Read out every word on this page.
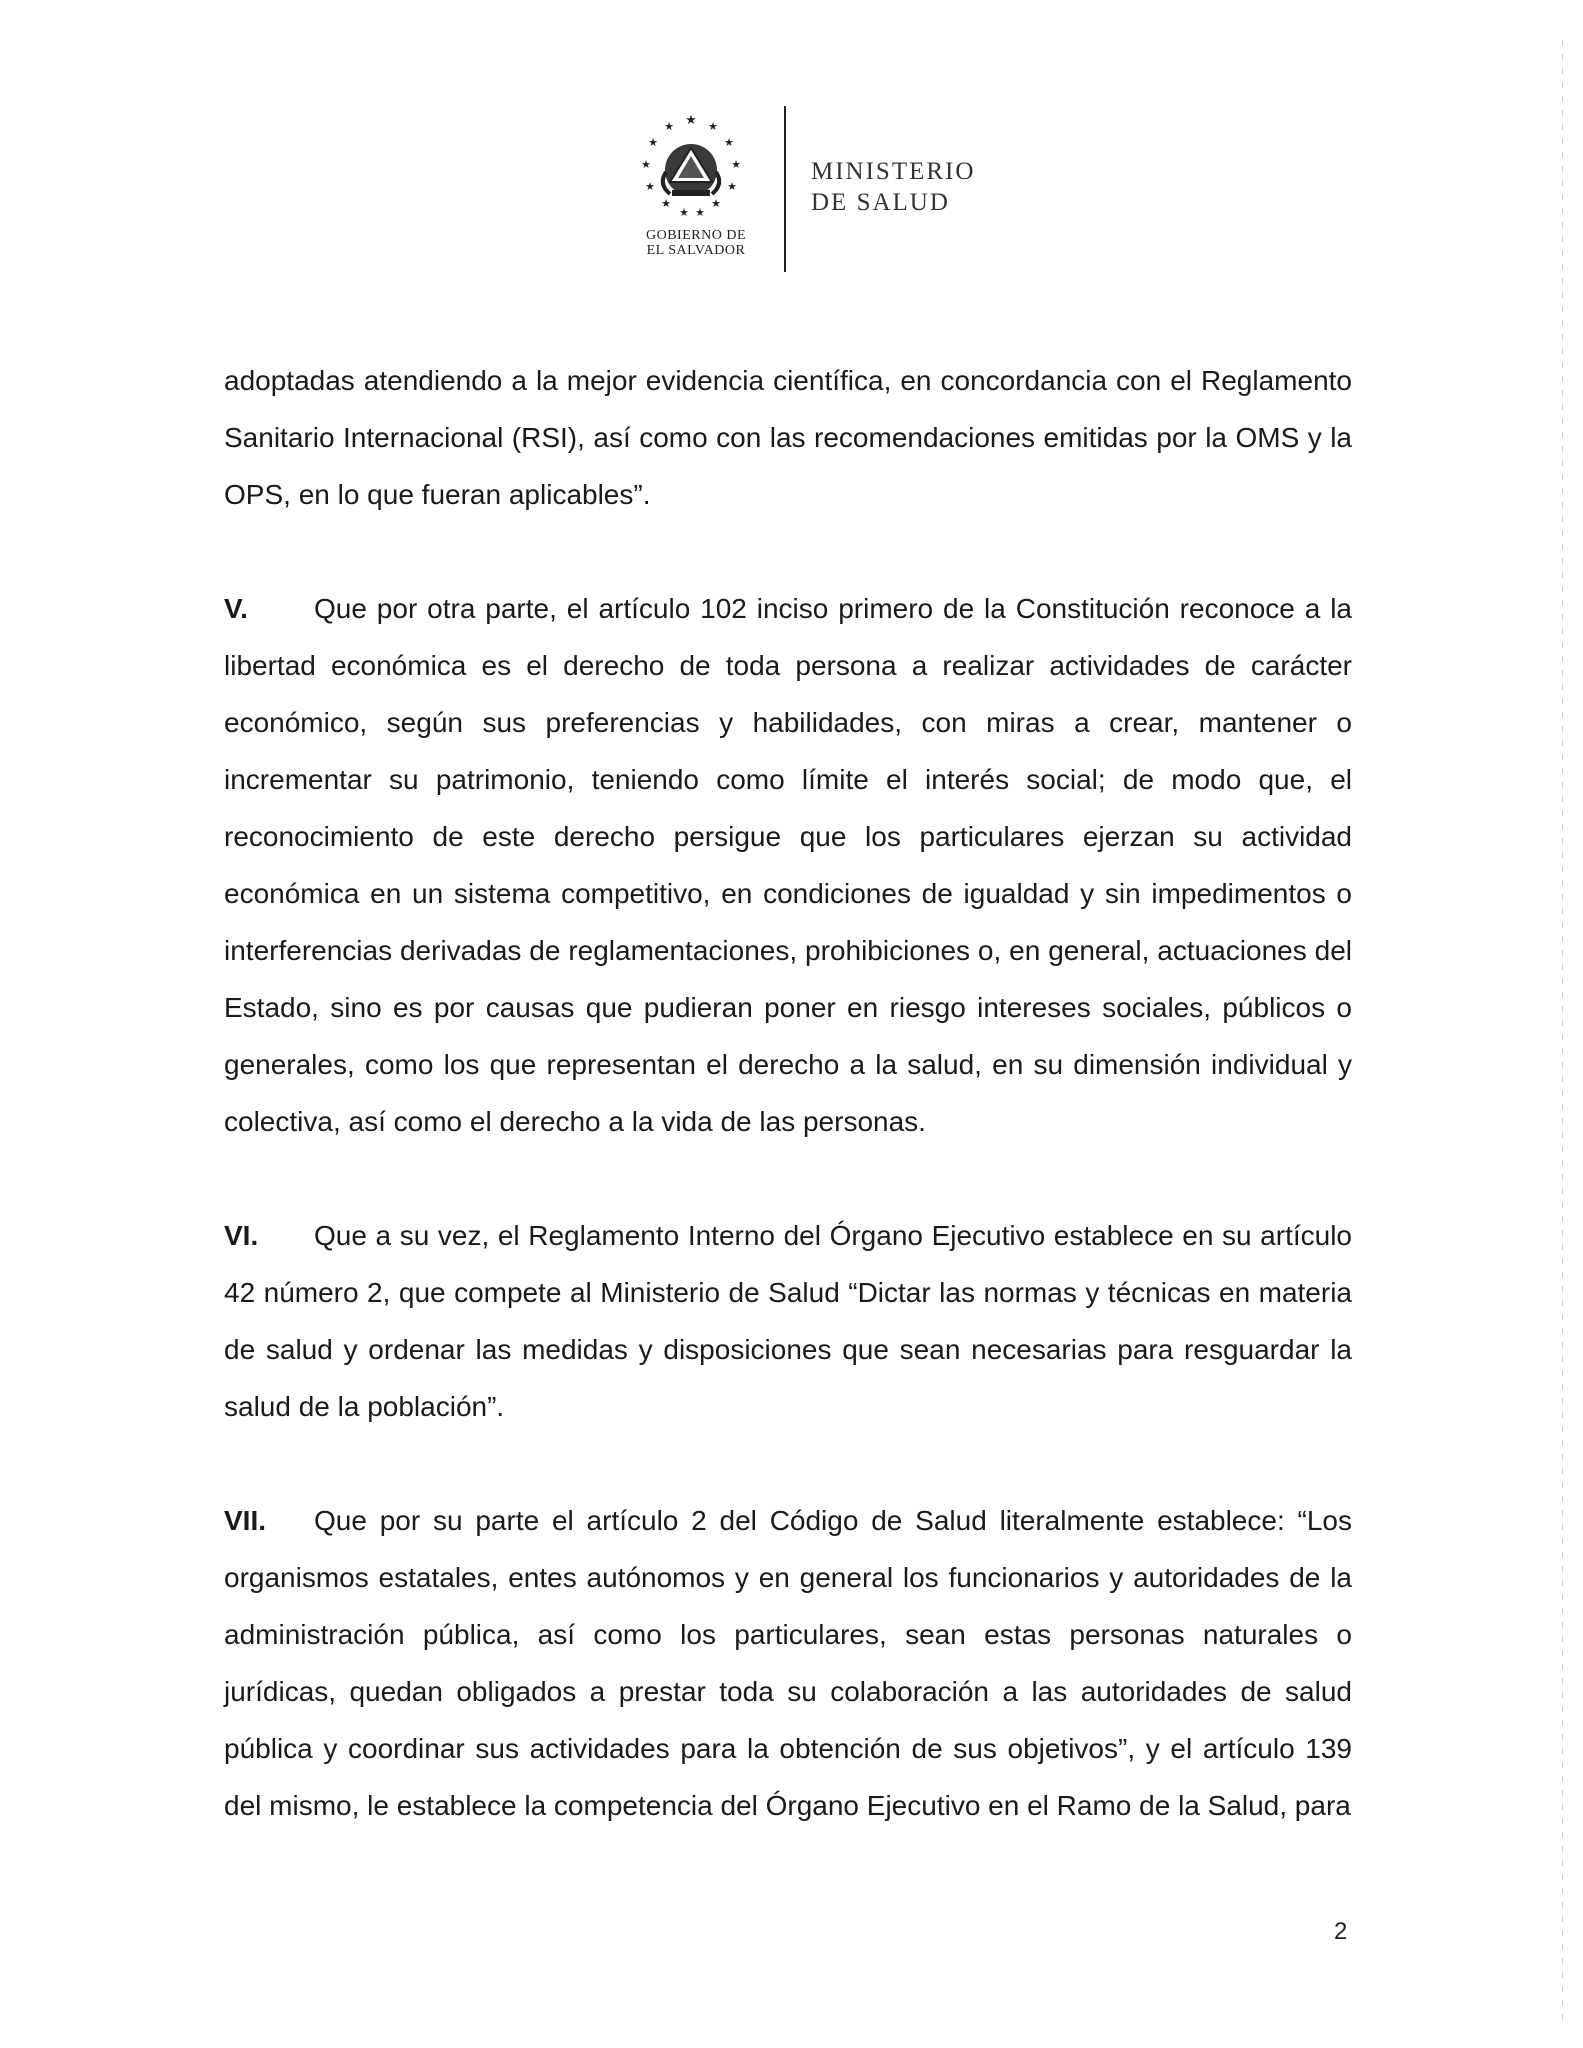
★
★	★
★	★
★	★
★	★
★	★
★ ★
GOBIERNO DE
EL SALVADOR
MINISTERIO
DE SALUD

adoptadas atendiendo a la mejor evidencia científica, en concordancia con el Reglamento Sanitario Internacional (RSI), así como con las recomendaciones emitidas por la OMS y la OPS, en lo que fueran aplicables”.

V. Que por otra parte, el artículo 102 inciso primero de la Constitución reconoce a la libertad económica es el derecho de toda persona a realizar actividades de carácter económico, según sus preferencias y habilidades, con miras a crear, mantener o incrementar su patrimonio, teniendo como límite el interés social; de modo que, el reconocimiento de este derecho persigue que los particulares ejerzan su actividad económica en un sistema competitivo, en condiciones de igualdad y sin impedimentos o interferencias derivadas de reglamentaciones, prohibiciones o, en general, actuaciones del Estado, sino es por causas que pudieran poner en riesgo intereses sociales, públicos o generales, como los que representan el derecho a la salud, en su dimensión individual y colectiva, así como el derecho a la vida de las personas.

VI. Que a su vez, el Reglamento Interno del Órgano Ejecutivo establece en su artículo 42 número 2, que compete al Ministerio de Salud “Dictar las normas y técnicas en materia de salud y ordenar las medidas y disposiciones que sean necesarias para resguardar la salud de la población”.

VII. Que por su parte el artículo 2 del Código de Salud literalmente establece: “Los organismos estatales, entes autónomos y en general los funcionarios y autoridades de la administración pública, así como los particulares, sean estas personas naturales o jurídicas, quedan obligados a prestar toda su colaboración a las autoridades de salud pública y coordinar sus actividades para la obtención de sus objetivos”, y el artículo 139 del mismo, le establece la competencia del Órgano Ejecutivo en el Ramo de la Salud, para

2
